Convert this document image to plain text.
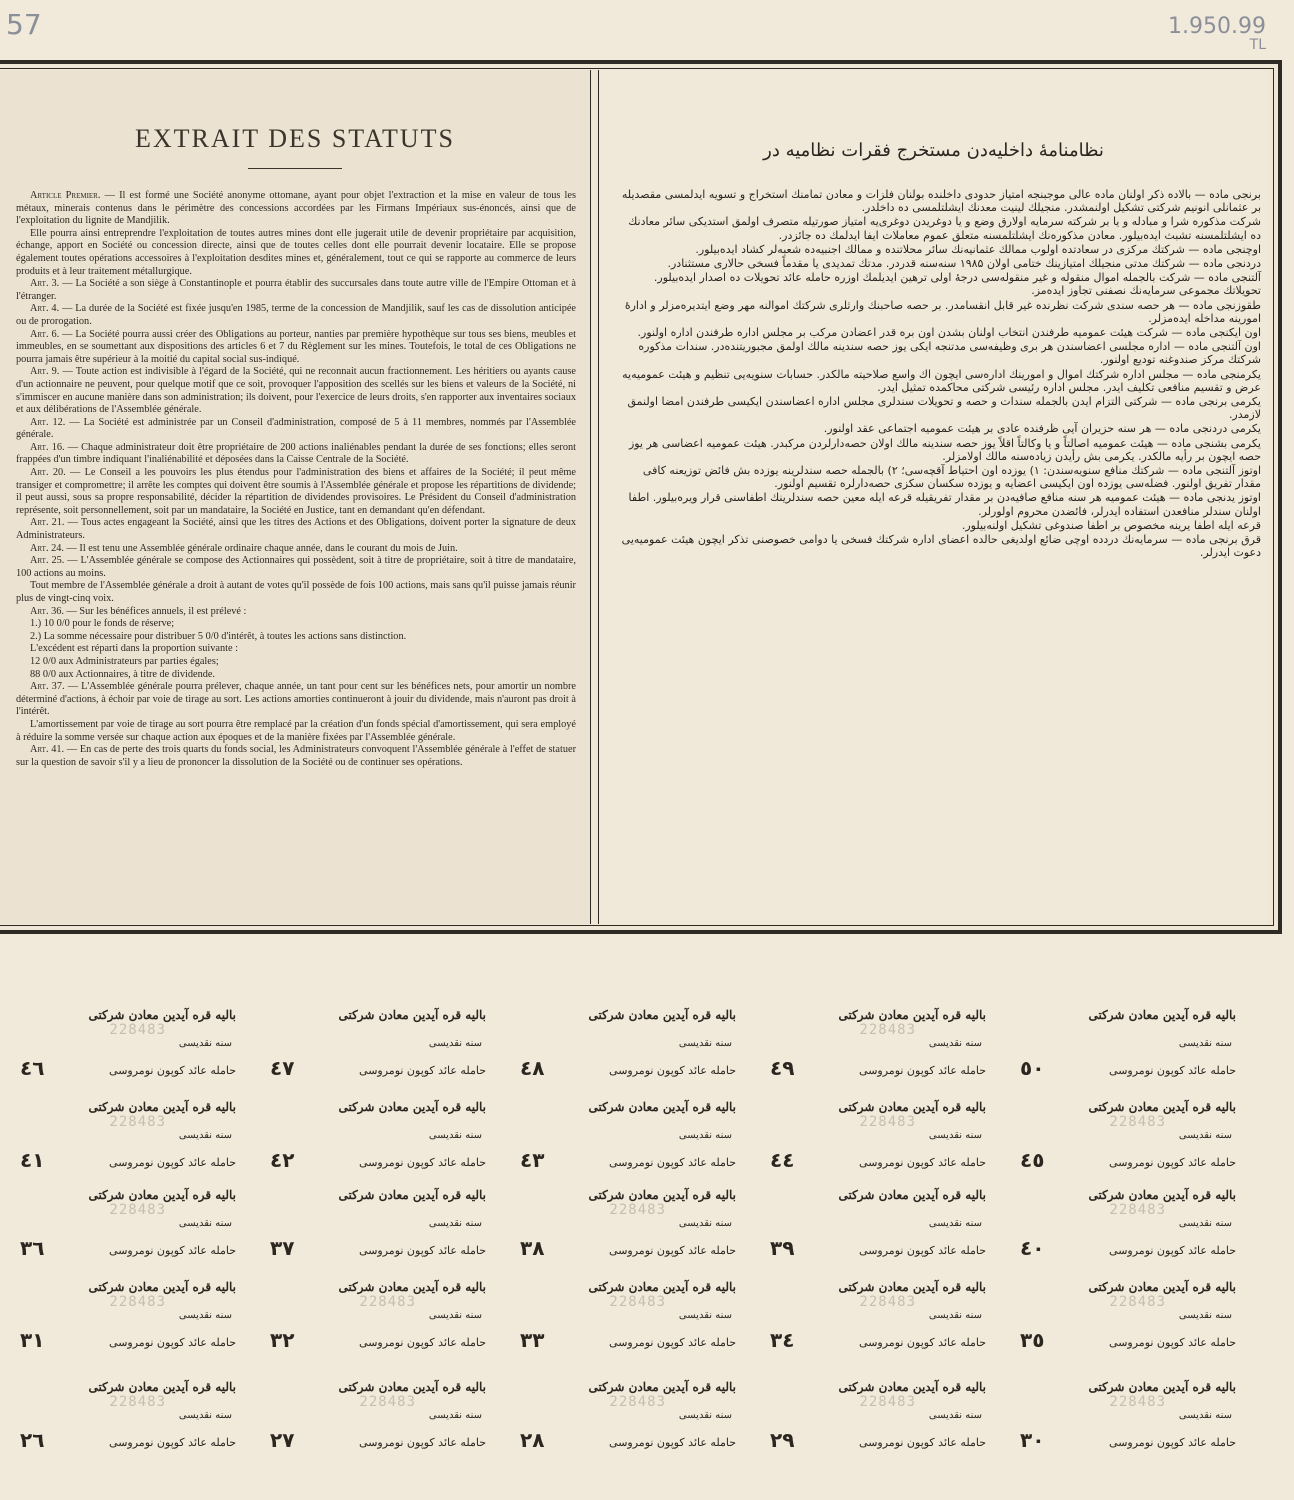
57	1.950.99
TL
EXTRAIT DES STATUTS

Article Premier. — Il est formé une Société anonyme ottomane, ayant pour objet l'extraction et la mise en valeur de tous les métaux, minerais contenus dans le périmètre des concessions accordées par les Firmans Impériaux sus-énoncés, ainsi que de l'exploitation du lignite de Mandjilik.

Elle pourra ainsi entreprendre l'exploitation de toutes autres mines dont elle jugerait utile de devenir propriétaire par acquisition, échange, apport en Société ou concession directe, ainsi que de toutes celles dont elle pourrait devenir locataire. Elle se propose également toutes opérations accessoires à l'exploitation desdites mines et, généralement, tout ce qui se rapporte au commerce de leurs produits et à leur traitement métallurgique.

Art. 3. — La Société a son siège à Constantinople et pourra établir des succursales dans toute autre ville de l'Empire Ottoman et à l'étranger.

Art. 4. — La durée de la Société est fixée jusqu'en 1985, terme de la concession de Mandjilik, sauf les cas de dissolution anticipée ou de prorogation.

Art. 6. — La Société pourra aussi créer des Obligations au porteur, nanties par première hypothèque sur tous ses biens, meubles et immeubles, en se soumettant aux dispositions des articles 6 et 7 du Règlement sur les mines. Toutefois, le total de ces Obligations ne pourra jamais être supérieur à la moitié du capital social sus-indiqué.

Art. 9. — Toute action est indivisible à l'égard de la Société, qui ne reconnait aucun fractionnement. Les héritiers ou ayants cause d'un actionnaire ne peuvent, pour quelque motif que ce soit, provoquer l'apposition des scellés sur les biens et valeurs de la Société, ni s'immiscer en aucune manière dans son administration; ils doivent, pour l'exercice de leurs droits, s'en rapporter aux inventaires sociaux et aux délibérations de l'Assemblée générale.

Art. 12. — La Société est administrée par un Conseil d'administration, composé de 5 à 11 membres, nommés par l'Assemblée générale.

Art. 16. — Chaque administrateur doit être propriétaire de 200 actions inaliénables pendant la durée de ses fonctions; elles seront frappées d'un timbre indiquant l'inaliénabilité et déposées dans la Caisse Centrale de la Société.

Art. 20. — Le Conseil a les pouvoirs les plus étendus pour l'administration des biens et affaires de la Société; il peut même transiger et compromettre; il arrête les comptes qui doivent être soumis à l'Assemblée générale et propose les répartitions de dividende; il peut aussi, sous sa propre responsabilité, décider la répartition de dividendes provisoires. Le Président du Conseil d'administration représente, soit personnellement, soit par un mandataire, la Société en Justice, tant en demandant qu'en défendant.

Art. 21. — Tous actes engageant la Société, ainsi que les titres des Actions et des Obligations, doivent porter la signature de deux Administrateurs.

Art. 24. — Il est tenu une Assemblée générale ordinaire chaque année, dans le courant du mois de Juin.

Art. 25. — L'Assemblée générale se compose des Actionnaires qui possèdent, soit à titre de propriétaire, soit à titre de mandataire, 100 actions au moins.

Tout membre de l'Assemblée générale a droit à autant de votes qu'il possède de fois 100 actions, mais sans qu'il puisse jamais réunir plus de vingt-cinq voix.

Art. 36. — Sur les bénéfices annuels, il est prélevé :

1.) 10 0/0 pour le fonds de réserve;

2.) La somme nécessaire pour distribuer 5 0/0 d'intérêt, à toutes les actions sans distinction.

L'excédent est réparti dans la proportion suivante :

12 0/0 aux Administrateurs par parties égales;

88 0/0 aux Actionnaires, à titre de dividende.

Art. 37. — L'Assemblée générale pourra prélever, chaque année, un tant pour cent sur les bénéfices nets, pour amortir un nombre déterminé d'actions, à échoir par voie de tirage au sort. Les actions amorties continueront à jouir du dividende, mais n'auront pas droit à l'intérêt.

L'amortissement par voie de tirage au sort pourra être remplacé par la création d'un fonds spécial d'amortissement, qui sera employé à réduire la somme versée sur chaque action aux époques et de la manière fixées par l'Assemblée générale.

Art. 41. — En cas de perte des trois quarts du fonds social, les Administrateurs convoquent l'Assemblée générale à l'effet de statuer sur la question de savoir s'il y a lieu de prononcer la dissolution de la Société ou de continuer ses opérations.

نظامنامهٔ داخلیه‌دن مستخرج فقرات نظامیه در

برنجی ماده — بالاده ذکر اولنان ماده عالی موجبنجه امتیاز حدودی داخلنده بولنان فلزات و معادن تمامنك استخراج و تسویه ایدلمسی مقصدیله بر عثمانلی انونیم شرکتی تشکیل اولنمشدر. منجیلك لینیت معدنك ایشلتلمسی ده داخلدر.

شرکت مذکوره شرا و مبادله و یا بر شرکته سرمایه اولارق وضع و یا دوغریدن دوغری‌یه امتیاز صورتیله متصرف اولمق استدیکی سائر معادنك ده ایشلتلمسنه تشبث ایده‌بیلور. معادن مذکوره‌نك ایشلتلمسنه متعلق عموم معاملات ایفا ایدلمك ده جائزدر.

اوچنجی ماده — شرکتك مرکزی در سعادتده اولوب ممالك عثمانیه‌نك سائر محلاتنده و ممالك اجنبیه‌ده شعبه‌لر کشاد ایده‌بیلور.

دردنجی ماده — شرکتك مدتی منجیلك امتیازینك ختامی اولان ۱۹۸۵ سنه‌سنه قدردر. مدتك تمدیدی یا مقدماً فسخی حالاری مستثنادر.

آلتنجی ماده — شرکت بالجمله اموال منقوله و غیر منقوله‌سی درجهٔ اولی ترهین ایدیلمك اوزره حامله عائد تحویلات ده اصدار ایده‌بیلور. تحویلاتك مجموعی سرمایه‌نك نصفنی تجاوز ایده‌مز.

طقوزنجی ماده — هر حصه سندی شرکت نظرنده غیر قابل انقسامدر. بر حصه صاحبنك وارثلری شرکتك اموالنه مهر وضع ایتدیره‌مزلر و ادارهٔ امورینه مداخله ایده‌مزلر.

اون ایکنجی ماده — شرکت هیئت عمومیه طرفندن انتخاب اولنان بشدن اون بره قدر اعضادن مرکب بر مجلس اداره طرفندن اداره اولنور.

اون آلتنجی ماده — اداره مجلسی اعضاسندن هر بری وظیفه‌سی مدتنجه ایکی یوز حصه سندینه مالك اولمق مجبوریتنده‌در. سندات مذکوره شرکتك مرکز صندوغنه تودیع اولنور.

یکرمنجی ماده — مجلس اداره شرکتك اموال و امورینك اداره‌سی ایچون اك واسع صلاحیته مالکدر. حسابات سنویه‌یی تنظیم و هیئت عمومیه‌یه عرض و تقسیم منافعی تکلیف ایدر. مجلس اداره رئیسی شرکتی محاکمده تمثیل ایدر.

یکرمی برنجی ماده — شرکتی التزام ایدن بالجمله سندات و حصه و تحویلات سندلری مجلس اداره اعضاسندن ایکیسی طرفندن امضا اولنمق لازمدر.

یکرمی دردنجی ماده — هر سنه حزیران آیی ظرفنده عادی بر هیئت عمومیه اجتماعی عقد اولنور.

یکرمی بشنجی ماده — هیئت عمومیه اصالتاً و یا وکالتاً اقلاً یوز حصه سندینه مالك اولان حصه‌دارلردن مرکبدر. هیئت عمومیه اعضاسی هر یوز حصه ایچون بر رأیه مالکدر. یکرمی بش رأیدن زیاده‌سنه مالك اولامزلر.

اوتوز آلتنجی ماده — شرکتك منافع سنویه‌سندن: ۱) یوزده اون احتیاط آقچه‌سی؛ ۲) بالجمله حصه سندلرینه یوزده بش فائض توزیعنه کافی مقدار تفریق اولنور. فضله‌سی یوزده اون ایکیسی اعضایه و یوزده سکسان سکزی حصه‌دارلره تقسیم اولنور.

اوتوز یدنجی ماده — هیئت عمومیه هر سنه منافع صافیه‌دن بر مقدار تفریقیله قرعه ایله معین حصه سندلرینك اطفاسنی قرار ویره‌بیلور. اطفا اولنان سندلر منافعدن استفاده ایدرلر، فائضدن محروم اولورلر.

قرعه ایله اطفا یرینه مخصوص بر اطفا صندوغی تشکیل اولنه‌بیلور.

قرق برنجی ماده — سرمایه‌نك دردده اوچی ضائع اولدیغی حالده اعضای اداره شرکتك فسخی یا دوامی خصوصنی تذکر ایچون هیئت عمومیه‌یی دعوت ایدرلر.

228483
بالیه قره آیدین معادن شرکتی
سنه نقدیسی
حامله عائد کوپون نومروسی
٤٦
بالیه قره آیدین معادن شرکتی
سنه نقدیسی
حامله عائد کوپون نومروسی
٤٧
بالیه قره آیدین معادن شرکتی
سنه نقدیسی
حامله عائد کوپون نومروسی
٤٨
228483
بالیه قره آیدین معادن شرکتی
سنه نقدیسی
حامله عائد کوپون نومروسی
٤٩
بالیه قره آیدین معادن شرکتی
سنه نقدیسی
حامله عائد کوپون نومروسی
٥٠
228483
بالیه قره آیدین معادن شرکتی
سنه نقدیسی
حامله عائد کوپون نومروسی
٤١
بالیه قره آیدین معادن شرکتی
سنه نقدیسی
حامله عائد کوپون نومروسی
٤٢
بالیه قره آیدین معادن شرکتی
سنه نقدیسی
حامله عائد کوپون نومروسی
٤٣
228483
بالیه قره آیدین معادن شرکتی
سنه نقدیسی
حامله عائد کوپون نومروسی
٤٤
228483
بالیه قره آیدین معادن شرکتی
سنه نقدیسی
حامله عائد کوپون نومروسی
٤٥
228483
بالیه قره آیدین معادن شرکتی
سنه نقدیسی
حامله عائد کوپون نومروسی
٣٦
بالیه قره آیدین معادن شرکتی
سنه نقدیسی
حامله عائد کوپون نومروسی
٣٧
228483
بالیه قره آیدین معادن شرکتی
سنه نقدیسی
حامله عائد کوپون نومروسی
٣٨
بالیه قره آیدین معادن شرکتی
سنه نقدیسی
حامله عائد کوپون نومروسی
٣٩
228483
بالیه قره آیدین معادن شرکتی
سنه نقدیسی
حامله عائد کوپون نومروسی
٤٠
228483
بالیه قره آیدین معادن شرکتی
سنه نقدیسی
حامله عائد کوپون نومروسی
٣١
228483
بالیه قره آیدین معادن شرکتی
سنه نقدیسی
حامله عائد کوپون نومروسی
٣٢
228483
بالیه قره آیدین معادن شرکتی
سنه نقدیسی
حامله عائد کوپون نومروسی
٣٣
228483
بالیه قره آیدین معادن شرکتی
سنه نقدیسی
حامله عائد کوپون نومروسی
٣٤
228483
بالیه قره آیدین معادن شرکتی
سنه نقدیسی
حامله عائد کوپون نومروسی
٣٥
228483
بالیه قره آیدین معادن شرکتی
سنه نقدیسی
حامله عائد کوپون نومروسی
٢٦
228483
بالیه قره آیدین معادن شرکتی
سنه نقدیسی
حامله عائد کوپون نومروسی
٢٧
228483
بالیه قره آیدین معادن شرکتی
سنه نقدیسی
حامله عائد کوپون نومروسی
٢٨
228483
بالیه قره آیدین معادن شرکتی
سنه نقدیسی
حامله عائد کوپون نومروسی
٢٩
228483
بالیه قره آیدین معادن شرکتی
سنه نقدیسی
حامله عائد کوپون نومروسی
٣٠
